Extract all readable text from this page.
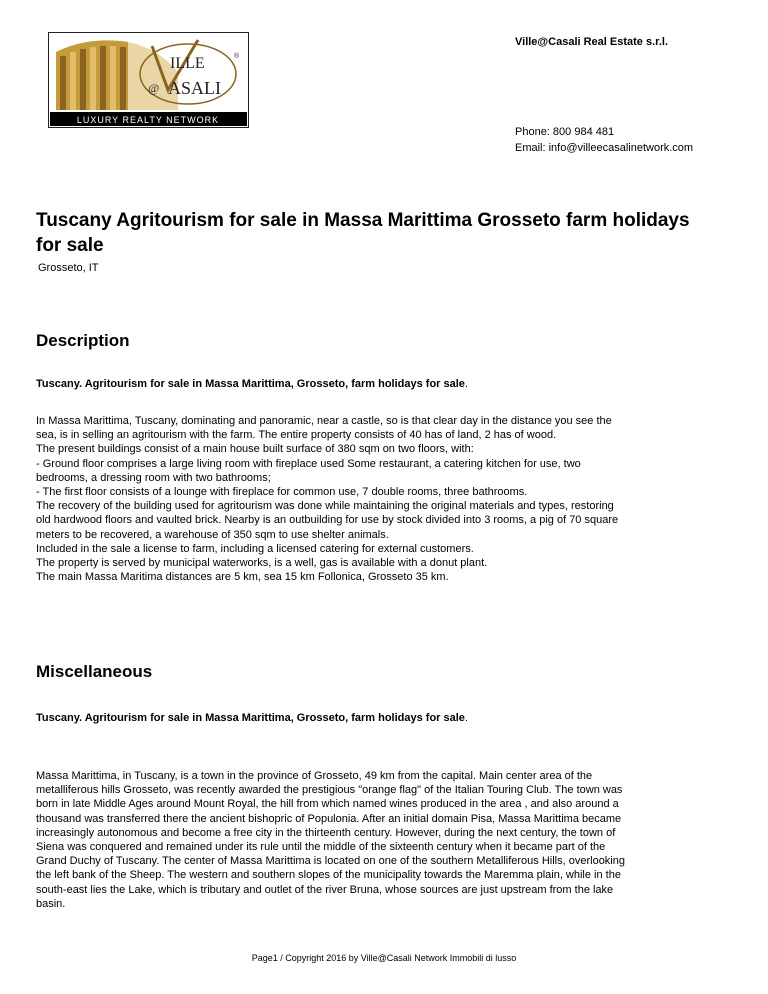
ILLE	®
@ ASALI
LUXURY REALTY NETWORK
Ville@Casali Real Estate s.r.l.
Phone: 800 984 481
Email: info@villeecasalinetwork.com
Tuscany Agritourism for sale in Massa Marittima Grosseto farm holidays for sale
Grosseto, IT
Description
Tuscany. Agritourism for sale in Massa Marittima, Grosseto, farm holidays for sale.
In Massa Marittima, Tuscany, dominating and panoramic, near a castle, so is that clear day in the distance you see the
sea, is in selling an agritourism with the farm. The entire property consists of 40 has of land, 2 has of wood.
The present buildings consist of a main house built surface of 380 sqm on two floors, with:
- Ground floor comprises a large living room with fireplace used Some restaurant, a catering kitchen for use, two
bedrooms, a dressing room with two bathrooms;
- The first floor consists of a lounge with fireplace for common use, 7 double rooms, three bathrooms.
The recovery of the building used for agritourism was done while maintaining the original materials and types, restoring
old hardwood floors and vaulted brick. Nearby is an outbuilding for use by stock divided into 3 rooms, a pig of 70 square
meters to be recovered, a warehouse of 350 sqm to use shelter animals.
Included in the sale a license to farm, including a licensed catering for external customers.
The property is served by municipal waterworks, is a well, gas is available with a donut plant.
The main Massa Maritima distances are 5 km, sea 15 km Follonica, Grosseto 35 km.
Miscellaneous
Tuscany. Agritourism for sale in Massa Marittima, Grosseto, farm holidays for sale.
Massa Marittima, in Tuscany, is a town in the province of Grosseto, 49 km from the capital. Main center area of the
metalliferous hills Grosseto, was recently awarded the prestigious "orange flag" of the Italian Touring Club. The town was
born in late Middle Ages around Mount Royal, the hill from which named wines produced in the area , and also around a
thousand was transferred there the ancient bishopric of Populonia. After an initial domain Pisa, Massa Marittima became
increasingly autonomous and become a free city in the thirteenth century. However, during the next century, the town of
Siena was conquered and remained under its rule until the middle of the sixteenth century when it became part of the
Grand Duchy of Tuscany. The center of Massa Marittima is located on one of the southern Metalliferous Hills, overlooking
the left bank of the Sheep. The western and southern slopes of the municipality towards the Maremma plain, while in the
south-east lies the Lake, which is tributary and outlet of the river Bruna, whose sources are just upstream from the lake
basin.
Page1 / Copyright 2016 by Ville@Casali Network Immobili di lusso
